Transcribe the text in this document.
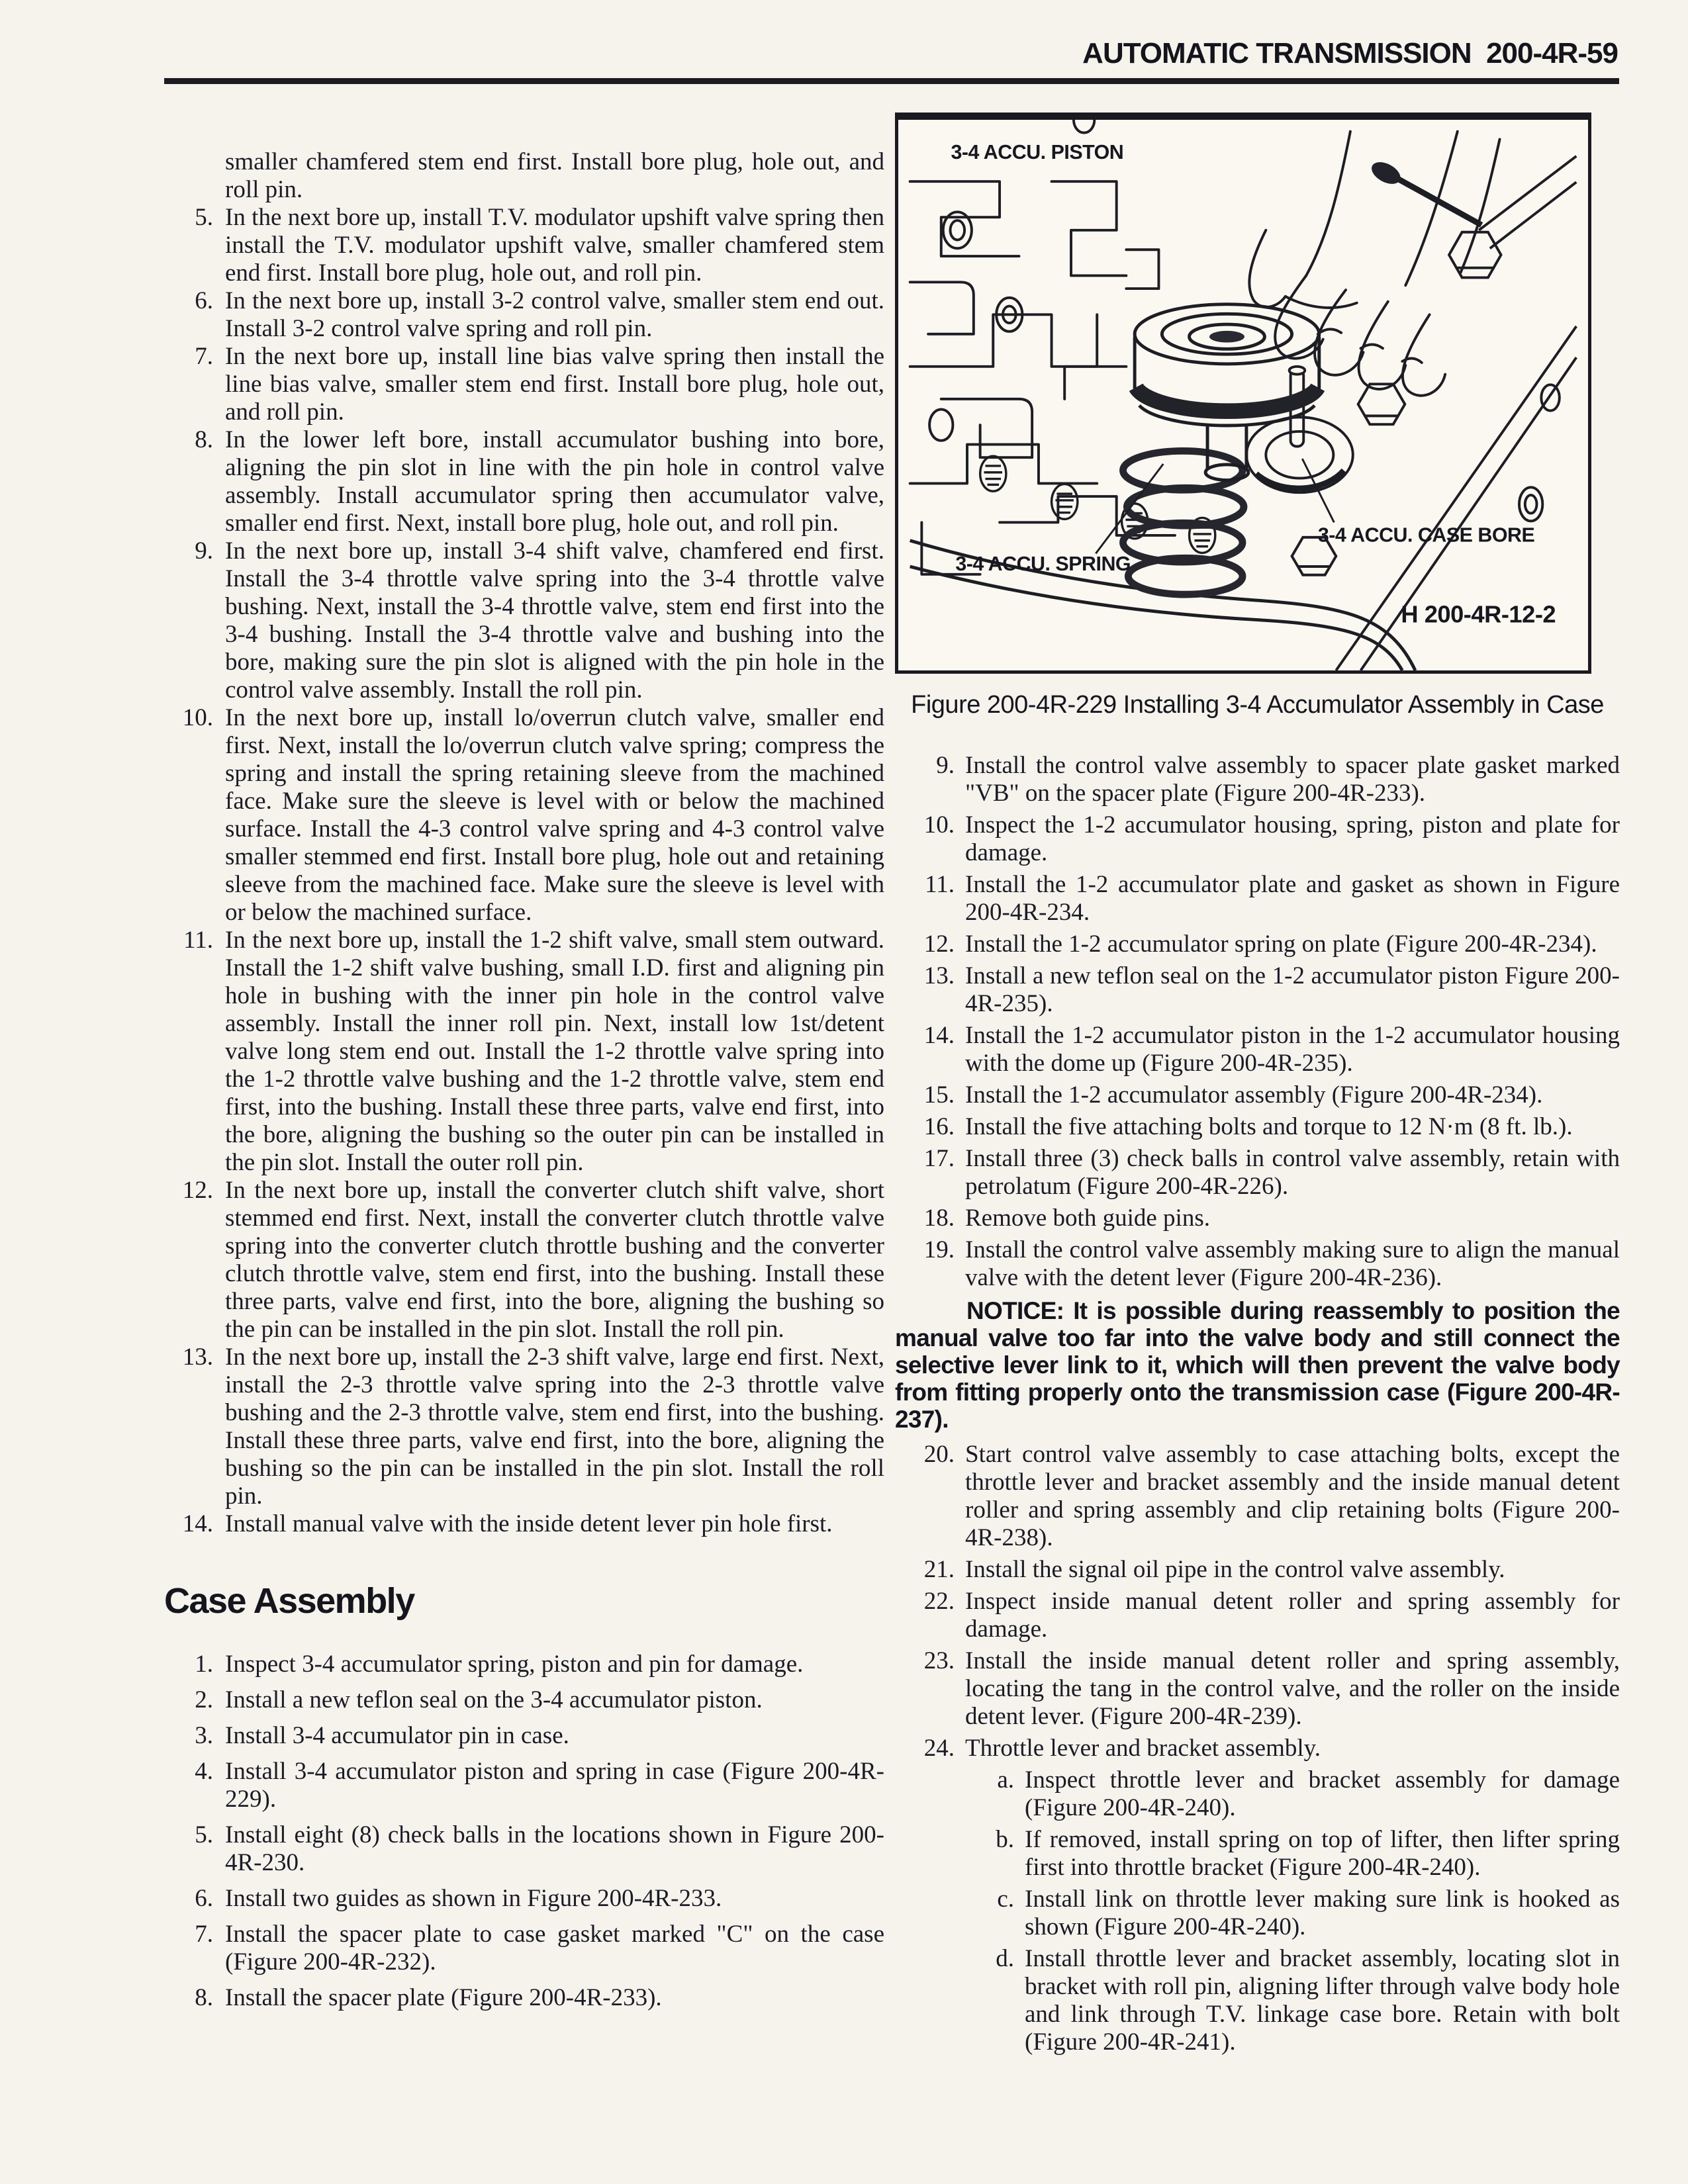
AUTOMATIC TRANSMISSION  200-4R-59

smaller chamfered stem end first. Install bore plug, hole out, and roll pin.

5. In the next bore up, install T.V. modulator upshift valve spring then install the T.V. modulator upshift valve, smaller chamfered stem end first. Install bore plug, hole out, and roll pin.
6. In the next bore up, install 3-2 control valve, smaller stem end out. Install 3-2 control valve spring and roll pin.
7. In the next bore up, install line bias valve spring then install the line bias valve, smaller stem end first. Install bore plug, hole out, and roll pin.
8. In the lower left bore, install accumulator bushing into bore, aligning the pin slot in line with the pin hole in control valve assembly. Install accumulator spring then accumulator valve, smaller end first. Next, install bore plug, hole out, and roll pin.
9. In the next bore up, install 3-4 shift valve, chamfered end first. Install the 3-4 throttle valve spring into the 3-4 throttle valve bushing. Next, install the 3-4 throttle valve, stem end first into the 3-4 bushing. Install the 3-4 throttle valve and bushing into the bore, making sure the pin slot is aligned with the pin hole in the control valve assembly. Install the roll pin.
10. In the next bore up, install lo/overrun clutch valve, smaller end first. Next, install the lo/overrun clutch valve spring; compress the spring and install the spring retaining sleeve from the machined face. Make sure the sleeve is level with or below the machined surface. Install the 4-3 control valve spring and 4-3 control valve smaller stemmed end first. Install bore plug, hole out and retaining sleeve from the machined face. Make sure the sleeve is level with or below the machined surface.
11. In the next bore up, install the 1-2 shift valve, small stem outward. Install the 1-2 shift valve bushing, small I.D. first and aligning pin hole in bushing with the inner pin hole in the control valve assembly. Install the inner roll pin. Next, install low 1st/detent valve long stem end out. Install the 1-2 throttle valve spring into the 1-2 throttle valve bushing and the 1-2 throttle valve, stem end first, into the bushing. Install these three parts, valve end first, into the bore, aligning the bushing so the outer pin can be installed in the pin slot. Install the outer roll pin.
12. In the next bore up, install the converter clutch shift valve, short stemmed end first. Next, install the converter clutch throttle valve spring into the converter clutch throttle bushing and the converter clutch throttle valve, stem end first, into the bushing. Install these three parts, valve end first, into the bore, aligning the bushing so the pin can be installed in the pin slot. Install the roll pin.
13. In the next bore up, install the 2-3 shift valve, large end first. Next, install the 2-3 throttle valve spring into the 2-3 throttle valve bushing and the 2-3 throttle valve, stem end first, into the bushing. Install these three parts, valve end first, into the bore, aligning the bushing so the pin can be installed in the pin slot. Install the roll pin.
14. Install manual valve with the inside detent lever pin hole first.
Case Assembly
1. Inspect 3-4 accumulator spring, piston and pin for damage.
2. Install a new teflon seal on the 3-4 accumulator piston.
3. Install 3-4 accumulator pin in case.
4. Install 3-4 accumulator piston and spring in case (Figure 200-4R-229).
5. Install eight (8) check balls in the locations shown in Figure 200-4R-230.
6. Install two guides as shown in Figure 200-4R-233.
7. Install the spacer plate to case gasket marked "C" on the case (Figure 200-4R-232).
8. Install the spacer plate (Figure 200-4R-233).
3-4 ACCU. PISTON
3-4 ACCU. SPRING
3-4 ACCU. CASE BORE
H 200-4R-12-2
Figure 200-4R-229 Installing 3-4 Accumulator Assembly in Case
9. Install the control valve assembly to spacer plate gasket marked "VB" on the spacer plate (Figure 200-4R-233).
10. Inspect the 1-2 accumulator housing, spring, piston and plate for damage.
11. Install the 1-2 accumulator plate and gasket as shown in Figure 200-4R-234.
12. Install the 1-2 accumulator spring on plate (Figure 200-4R-234).
13. Install a new teflon seal on the 1-2 accumulator piston Figure 200-4R-235).
14. Install the 1-2 accumulator piston in the 1-2 accumulator housing with the dome up (Figure 200-4R-235).
15. Install the 1-2 accumulator assembly (Figure 200-4R-234).
16. Install the five attaching bolts and torque to 12 N·m (8 ft. lb.).
17. Install three (3) check balls in control valve assembly, retain with petrolatum (Figure 200-4R-226).
18. Remove both guide pins.
19. Install the control valve assembly making sure to align the manual valve with the detent lever (Figure 200-4R-236).

NOTICE: It is possible during reassembly to position the manual valve too far into the valve body and still connect the selective lever link to it, which will then prevent the valve body from fitting properly onto the transmission case (Figure 200-4R-237).

20. Start control valve assembly to case attaching bolts, except the throttle lever and bracket assembly and the inside manual detent roller and spring assembly and clip retaining bolts (Figure 200-4R-238).
21. Install the signal oil pipe in the control valve assembly.
22. Inspect inside manual detent roller and spring assembly for damage.
23. Install the inside manual detent roller and spring assembly, locating the tang in the control valve, and the roller on the inside detent lever. (Figure 200-4R-239).
24. Throttle lever and bracket assembly.
a. Inspect throttle lever and bracket assembly for damage (Figure 200-4R-240).
b. If removed, install spring on top of lifter, then lifter spring first into throttle bracket (Figure 200-4R-240).
c. Install link on throttle lever making sure link is hooked as shown (Figure 200-4R-240).
d. Install throttle lever and bracket assembly, locating slot in bracket with roll pin, aligning lifter through valve body hole and link through T.V. linkage case bore. Retain with bolt (Figure 200-4R-241).
